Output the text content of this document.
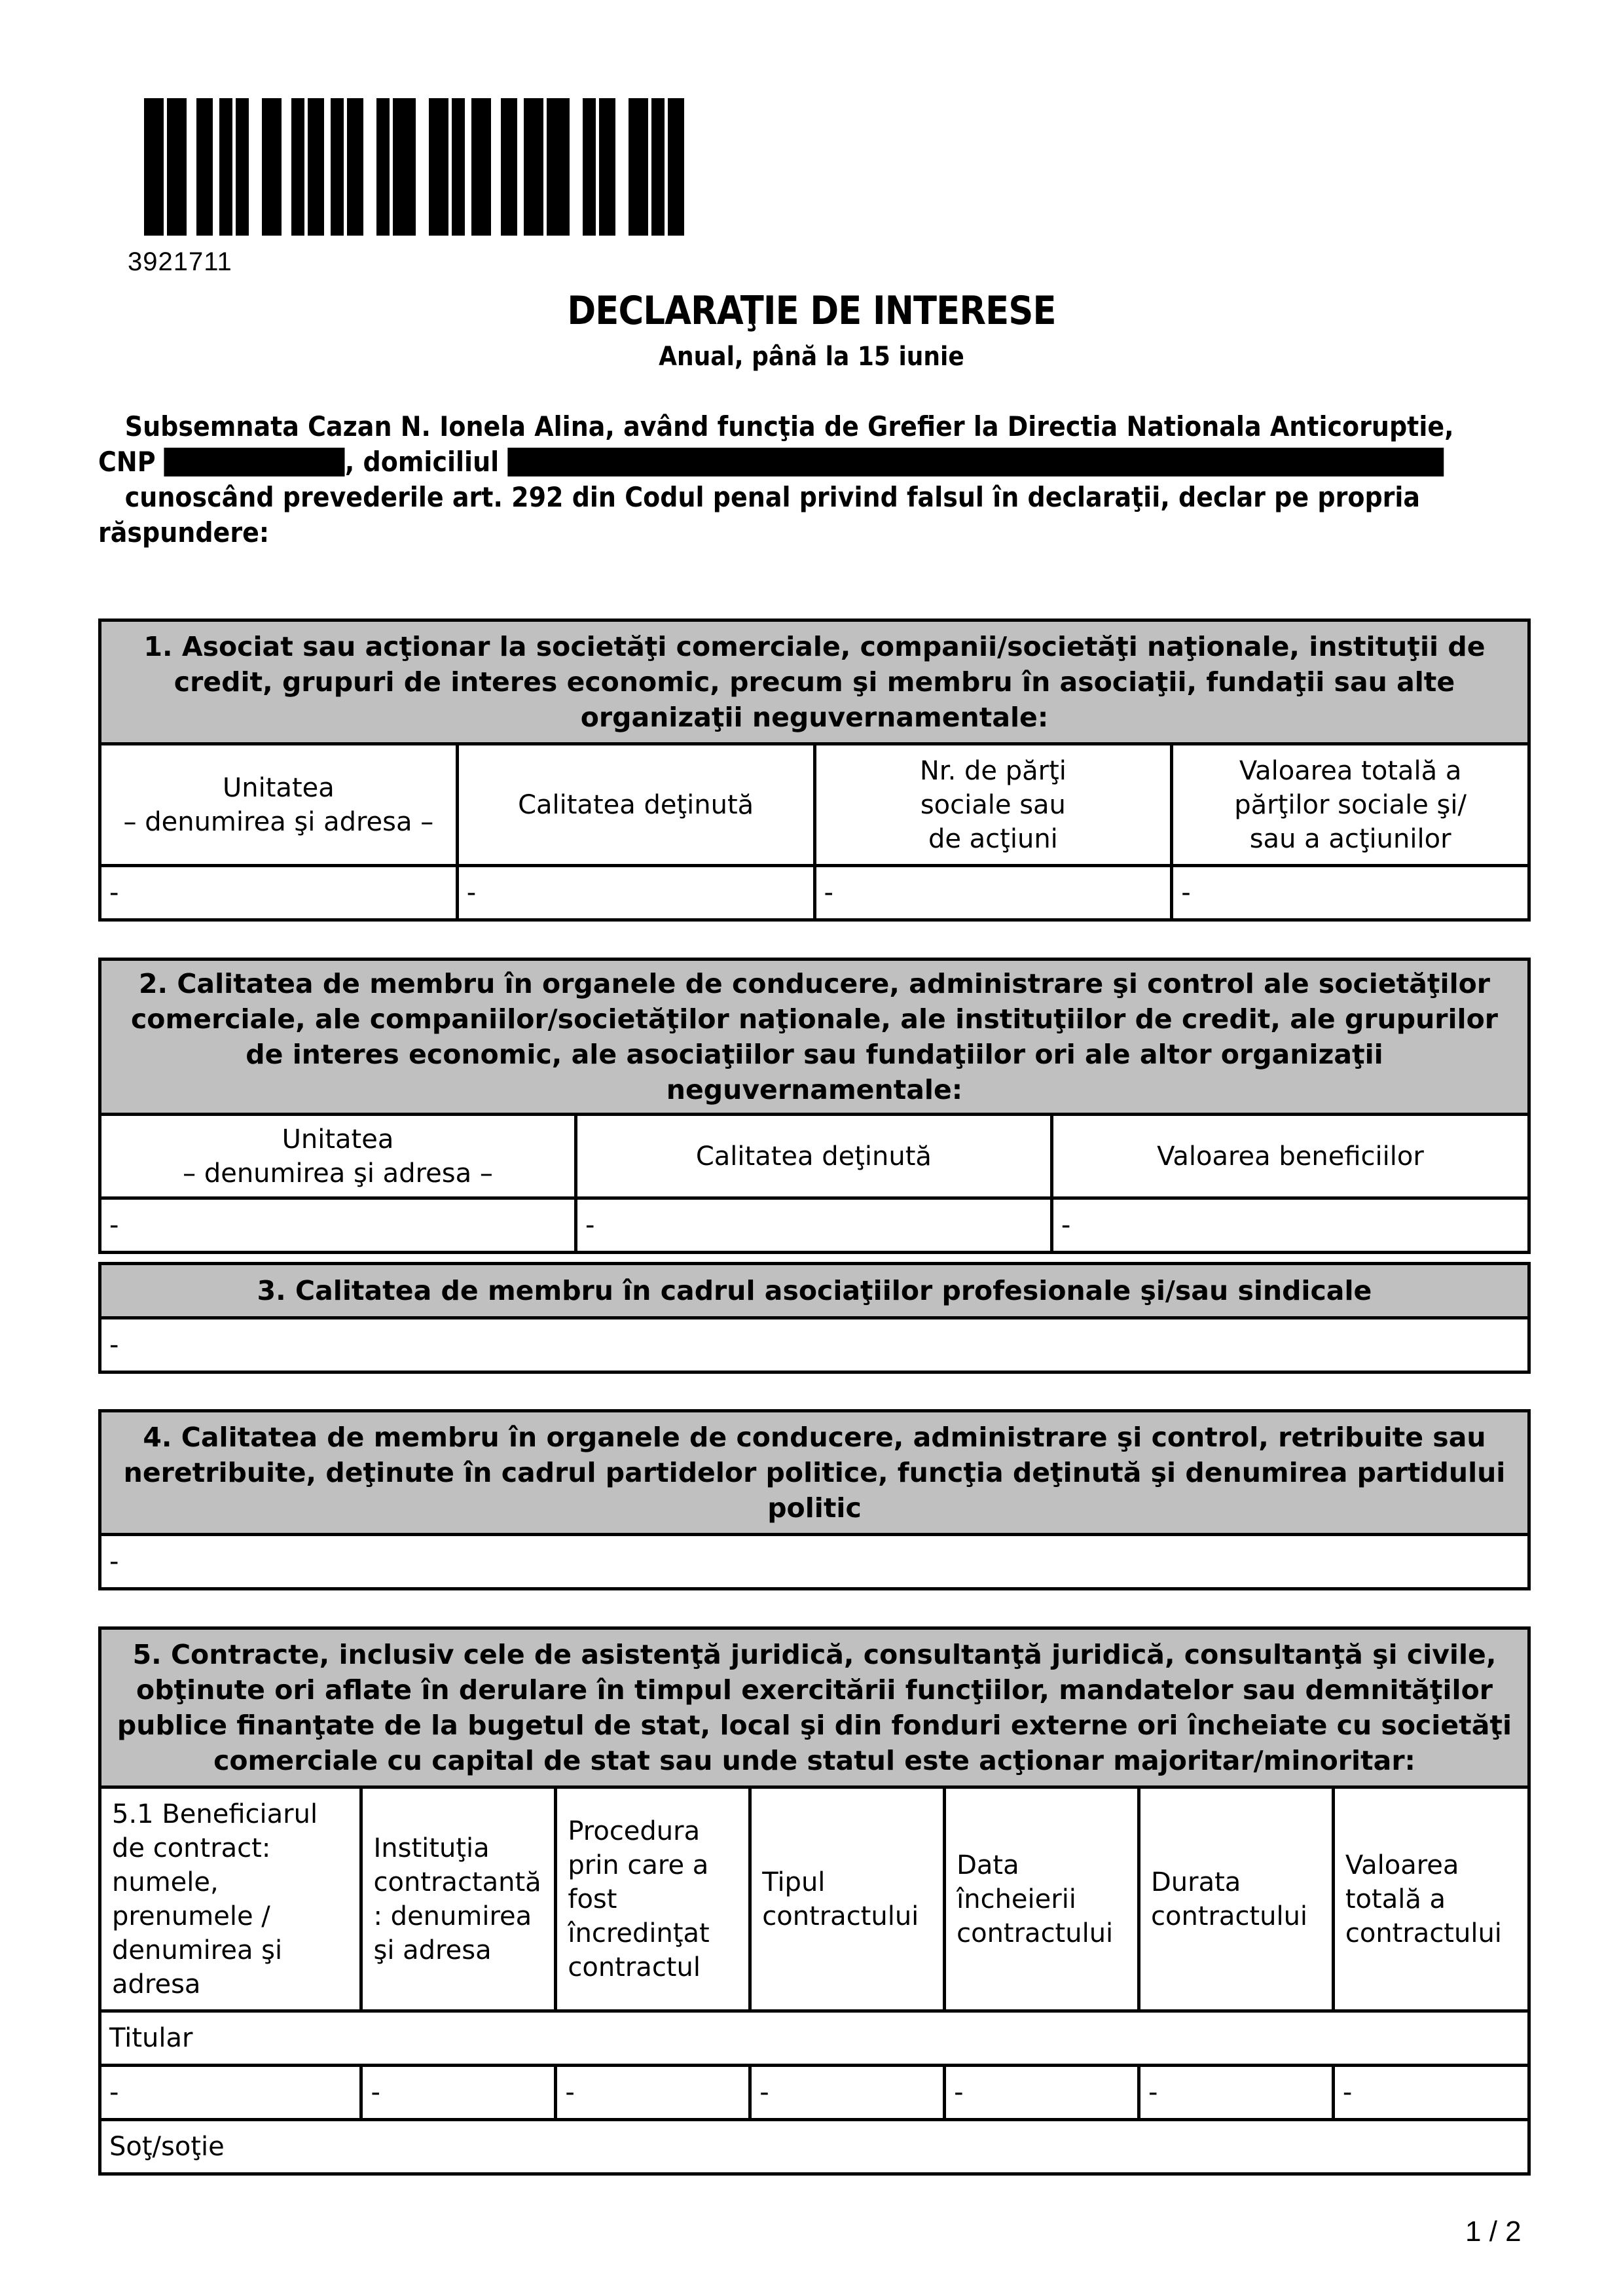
3921711
DECLARAŢIE DE INTERESE
Anual, până la 15 iunie
Subsemnata Cazan N. Ionela Alina, având funcţia de Grefier la Directia Nationala Anticoruptie,
CNP	, domiciliul
cunoscând prevederile art. 292 din Codul penal privind falsul în declaraţii, declar pe propria
răspundere:
1. Asociat sau acţionar la societăţi comerciale, companii/societăţi naţionale, instituţii de credit, grupuri de interes economic, precum şi membru în asociaţii, fundaţii sau alte organizaţii neguvernamentale:			

Unitatea
– denumirea şi adresa –

Calitatea deţinută

Nr. de părţi
sociale sau
de acţiuni

Valoarea totală a
părţilor sociale şi/
sau a acţiunilor

-	-	-	-
2. Calitatea de membru în organele de conducere, administrare şi control ale societăţilor comerciale, ale companiilor/societăţilor naţionale, ale instituţiilor de credit, ale grupurilor de interes economic, ale asociaţiilor sau fundaţiilor ori ale altor organizaţii neguvernamentale:		

Unitatea
– denumirea şi adresa –	Calitatea deţinută	Valoarea beneficiilor
-	-	-
3. Calitatea de membru în cadrul asociaţiilor profesionale şi/sau sindicale
-
4. Calitatea de membru în organele de conducere, administrare şi control, retribuite sau neretribuite, deţinute în cadrul partidelor politice, funcţia deţinută şi denumirea partidului politic
-
5. Contracte, inclusiv cele de asistenţă juridică, consultanţă juridică, consultanţă şi civile, obţinute ori aflate în derulare în timpul exercitării funcţiilor, mandatelor sau demnităţilor publice finanţate de la bugetul de stat, local şi din fonduri externe ori încheiate cu societăţi comerciale cu capital de stat sau unde statul este acţionar majoritar/minoritar:						
5.1 Beneficiarul de contract: numele, prenumele / denumirea şi adresa	Instituţia contractantă : denumirea şi adresa	Procedura prin care a fost încredinţat contractul	Tipul contractului	Data încheierii contractului	Durata contractului	Valoarea totală a contractului
Titular						
-	-	-	-	-	-	-
Soţ/soţie						
1 / 2
